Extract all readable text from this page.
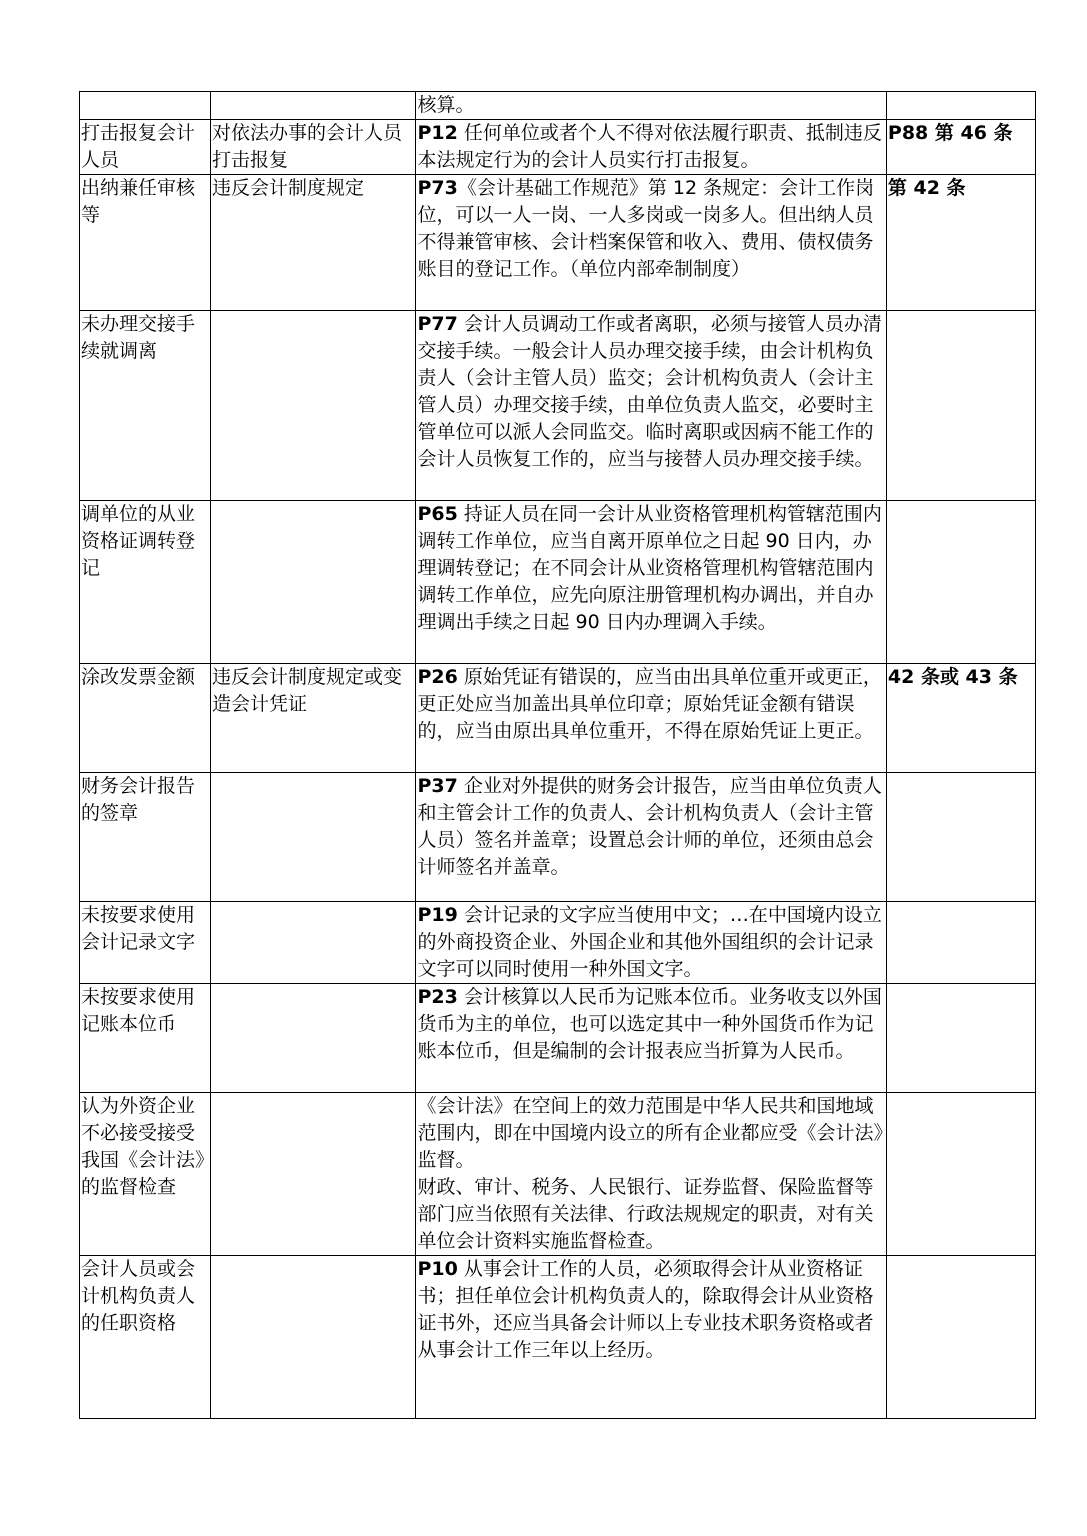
		核算。	
打击报复会计人员	对依法办事的会计人员打击报复	P12 任何单位或者个人不得对依法履行职责、抵制违反本法规定行为的会计人员实行打击报复。	P88 第 46 条
出纳兼任审核等	违反会计制度规定	P73《会计基础工作规范》第 12 条规定：会计工作岗位，可以一人一岗、一人多岗或一岗多人。但出纳人员不得兼管审核、会计档案保管和收入、费用、债权债务账目的登记工作。（单位内部牵制制度）	第 42 条
未办理交接手续就调离		P77 会计人员调动工作或者离职，必须与接管人员办清交接手续。一般会计人员办理交接手续，由会计机构负责人（会计主管人员）监交；会计机构负责人（会计主管人员）办理交接手续，由单位负责人监交，必要时主管单位可以派人会同监交。临时离职或因病不能工作的会计人员恢复工作的，应当与接替人员办理交接手续。	
调单位的从业资格证调转登记		P65 持证人员在同一会计从业资格管理机构管辖范围内调转工作单位，应当自离开原单位之日起 90 日内，办理调转登记；在不同会计从业资格管理机构管辖范围内调转工作单位，应先向原注册管理机构办调出，并自办理调出手续之日起 90 日内办理调入手续。	
涂改发票金额	违反会计制度规定或变造会计凭证	P26 原始凭证有错误的，应当由出具单位重开或更正，更正处应当加盖出具单位印章；原始凭证金额有错误的，应当由原出具单位重开，不得在原始凭证上更正。	42 条或 43 条
财务会计报告的签章		P37 企业对外提供的财务会计报告，应当由单位负责人和主管会计工作的负责人、会计机构负责人（会计主管人员）签名并盖章；设置总会计师的单位，还须由总会计师签名并盖章。	
未按要求使用会计记录文字		P19 会计记录的文字应当使用中文；…在中国境内设立的外商投资企业、外国企业和其他外国组织的会计记录文字可以同时使用一种外国文字。	
未按要求使用记账本位币		P23 会计核算以人民币为记账本位币。业务收支以外国货币为主的单位，也可以选定其中一种外国货币作为记账本位币，但是编制的会计报表应当折算为人民币。	
认为外资企业不必接受接受我国《会计法》的监督检查		《会计法》在空间上的效力范围是中华人民共和国地域范围内，即在中国境内设立的所有企业都应受《会计法》监督。
财政、审计、税务、人民银行、证券监督、保险监督等部门应当依照有关法律、行政法规规定的职责，对有关单位会计资料实施监督检查。	

会计人员或会计机构负责人的任职资格		P10 从事会计工作的人员，必须取得会计从业资格证书；担任单位会计机构负责人的，除取得会计从业资格证书外，还应当具备会计师以上专业技术职务资格或者从事会计工作三年以上经历。	
